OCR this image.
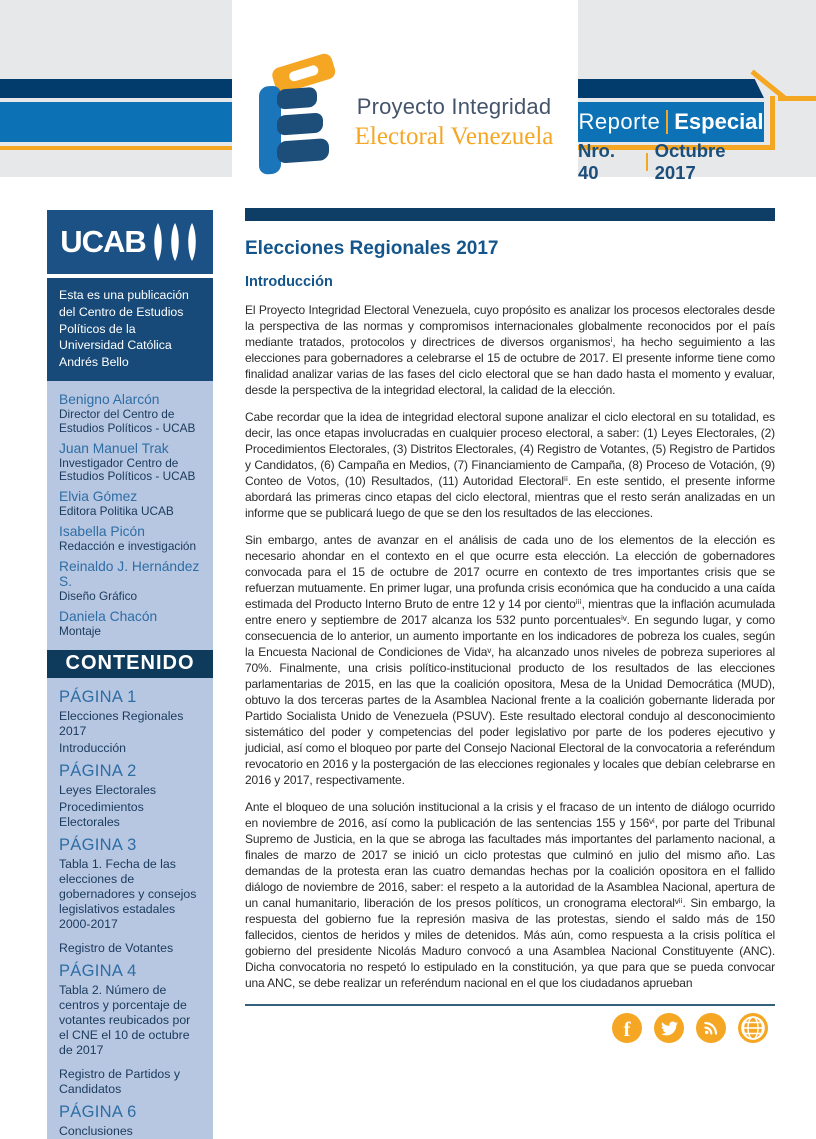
Proyecto Integridad
Electoral Venezuela
Reporte Especial
Nro. 40
Octubre 2017
UCAB
Esta es una publicación del Centro de Estudios Políticos de la Universidad Católica Andrés Bello
Benigno Alarcón
Director del Centro de Estudios Políticos - UCAB
Juan Manuel Trak
Investigador Centro de Estudios Políticos - UCAB
Elvia Gómez
Editora Politika UCAB
Isabella Picón
Redacción e investigación
Reinaldo J. Hernández S.
Diseño Gráfico
Daniela Chacón
Montaje
CONTENIDO
PÁGINA 1
Elecciones Regionales 2017
Introducción
PÁGINA 2
Leyes Electorales
Procedimientos Electorales
PÁGINA 3
Tabla 1. Fecha de las elecciones de gobernadores y consejos legislativos estadales 2000-2017
Registro de Votantes
PÁGINA 4
Tabla 2. Número de centros y porcentaje de votantes reubicados por el CNE el 10 de octubre de 2017
Registro de Partidos y Candidatos
PÁGINA 6
Conclusiones
Elecciones Regionales 2017
Introducción

El Proyecto Integridad Electoral Venezuela, cuyo propósito es analizar los procesos electorales desde la perspectiva de las normas y compromisos internacionales globalmente reconocidos por el país mediante tratados, protocolos y directrices de diversos organismosⁱ, ha hecho seguimiento a las elecciones para gobernadores a celebrarse el 15 de octubre de 2017. El presente informe tiene como finalidad analizar varias de las fases del ciclo electoral que se han dado hasta el momento y evaluar, desde la perspectiva de la integridad electoral, la calidad de la elección.

Cabe recordar que la idea de integridad electoral supone analizar el ciclo electoral en su totalidad, es decir, las once etapas involucradas en cualquier proceso electoral, a saber: (1) Leyes Electorales, (2) Procedimientos Electorales, (3) Distritos Electorales, (4) Registro de Votantes, (5) Registro de Partidos y Candidatos, (6) Campaña en Medios, (7) Financiamiento de Campaña, (8) Proceso de Votación, (9) Conteo de Votos, (10) Resultados, (11) Autoridad Electoralⁱⁱ. En este sentido, el presente informe abordará las primeras cinco etapas del ciclo electoral, mientras que el resto serán analizadas en un informe que se publicará luego de que se den los resultados de las elecciones.

Sin embargo, antes de avanzar en el análisis de cada uno de los elementos de la elección es necesario ahondar en el contexto en el que ocurre esta elección. La elección de gobernadores convocada para el 15 de octubre de 2017 ocurre en contexto de tres importantes crisis que se refuerzan mutuamente. En primer lugar, una profunda crisis económica que ha conducido a una caída estimada del Producto Interno Bruto de entre 12 y 14 por cientoⁱⁱⁱ, mientras que la inflación acumulada entre enero y septiembre de 2017 alcanza los 532 punto porcentualesⁱᵛ. En segundo lugar, y como consecuencia de lo anterior, un aumento importante en los indicadores de pobreza los cuales, según la Encuesta Nacional de Condiciones de Vidaᵛ, ha alcanzado unos niveles de pobreza superiores al 70%. Finalmente, una crisis político-institucional producto de los resultados de las elecciones parlamentarias de 2015, en las que la coalición opositora, Mesa de la Unidad Democrática (MUD), obtuvo la dos terceras partes de la Asamblea Nacional frente a la coalición gobernante liderada por Partido Socialista Unido de Venezuela (PSUV). Este resultado electoral condujo al desconocimiento sistemático del poder y competencias del poder legislativo por parte de los poderes ejecutivo y judicial, así como el bloqueo por parte del Consejo Nacional Electoral de la convocatoria a referéndum revocatorio en 2016 y la postergación de las elecciones regionales y locales que debían celebrarse en 2016 y 2017, respectivamente.

Ante el bloqueo de una solución institucional a la crisis y el fracaso de un intento de diálogo ocurrido en noviembre de 2016, así como la publicación de las sentencias 155 y 156ᵛⁱ, por parte del Tribunal Supremo de Justicia, en la que se abroga las facultades más importantes del parlamento nacional, a finales de marzo de 2017 se inició un ciclo protestas que culminó en julio del mismo año. Las demandas de la protesta eran las cuatro demandas hechas por la coalición opositora en el fallido diálogo de noviembre de 2016, saber: el respeto a la autoridad de la Asamblea Nacional, apertura de un canal humanitario, liberación de los presos políticos, un cronograma electoralᵛⁱⁱ. Sin embargo, la respuesta del gobierno fue la represión masiva de las protestas, siendo el saldo más de 150 fallecidos, cientos de heridos y miles de detenidos. Más aún, como respuesta a la crisis política el gobierno del presidente Nicolás Maduro convocó a una Asamblea Nacional Constituyente (ANC). Dicha convocatoria no respetó lo estipulado en la constitución, ya que para que se pueda convocar una ANC, se debe realizar un referéndum nacional en el que los ciudadanos aprueban

f
